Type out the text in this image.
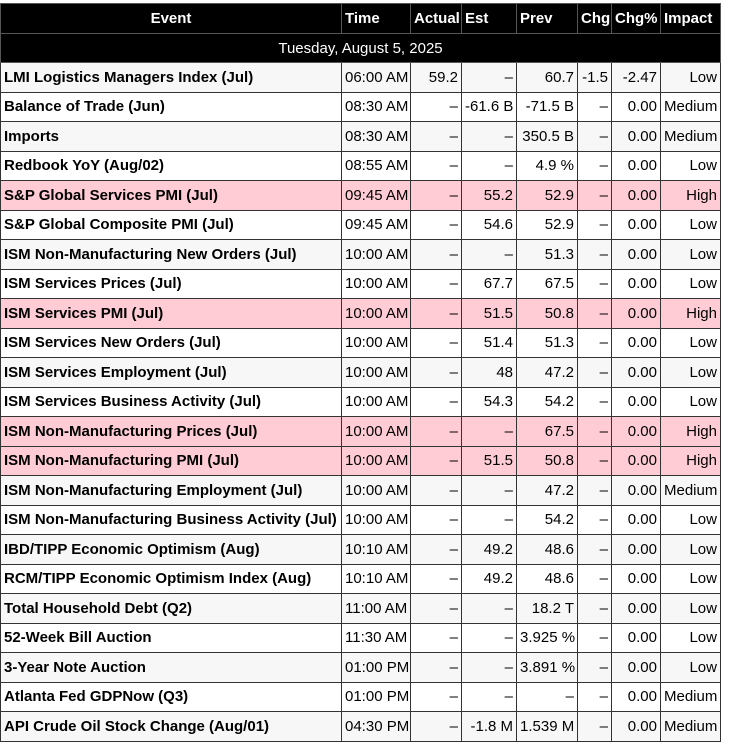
Event	Time	Actual	Est	Prev	Chg	Chg%	Impact
Tuesday, August 5, 2025							
LMI Logistics Managers Index (Jul)	06:00 AM	59.2	–	60.7	-1.5	-2.47	Low
Balance of Trade (Jun)	08:30 AM	–	-61.6 B	-71.5 B	–	0.00	Medium
Imports	08:30 AM	–	–	350.5 B	–	0.00	Medium
Redbook YoY (Aug/02)	08:55 AM	–	–	4.9 %	–	0.00	Low
S&P Global Services PMI (Jul)	09:45 AM	–	55.2	52.9	–	0.00	High
S&P Global Composite PMI (Jul)	09:45 AM	–	54.6	52.9	–	0.00	Low
ISM Non-Manufacturing New Orders (Jul)	10:00 AM	–	–	51.3	–	0.00	Low
ISM Services Prices (Jul)	10:00 AM	–	67.7	67.5	–	0.00	Low
ISM Services PMI (Jul)	10:00 AM	–	51.5	50.8	–	0.00	High
ISM Services New Orders (Jul)	10:00 AM	–	51.4	51.3	–	0.00	Low
ISM Services Employment (Jul)	10:00 AM	–	48	47.2	–	0.00	Low
ISM Services Business Activity (Jul)	10:00 AM	–	54.3	54.2	–	0.00	Low
ISM Non-Manufacturing Prices (Jul)	10:00 AM	–	–	67.5	–	0.00	High
ISM Non-Manufacturing PMI (Jul)	10:00 AM	–	51.5	50.8	–	0.00	High
ISM Non-Manufacturing Employment (Jul)	10:00 AM	–	–	47.2	–	0.00	Medium
ISM Non-Manufacturing Business Activity (Jul)	10:00 AM	–	–	54.2	–	0.00	Low
IBD/TIPP Economic Optimism (Aug)	10:10 AM	–	49.2	48.6	–	0.00	Low
RCM/TIPP Economic Optimism Index (Aug)	10:10 AM	–	49.2	48.6	–	0.00	Low
Total Household Debt (Q2)	11:00 AM	–	–	18.2 T	–	0.00	Low
52-Week Bill Auction	11:30 AM	–	–	3.925 %	–	0.00	Low
3-Year Note Auction	01:00 PM	–	–	3.891 %	–	0.00	Low
Atlanta Fed GDPNow (Q3)	01:00 PM	–	–	–	–	0.00	Medium
API Crude Oil Stock Change (Aug/01)	04:30 PM	–	-1.8 M	1.539 M	–	0.00	Medium
